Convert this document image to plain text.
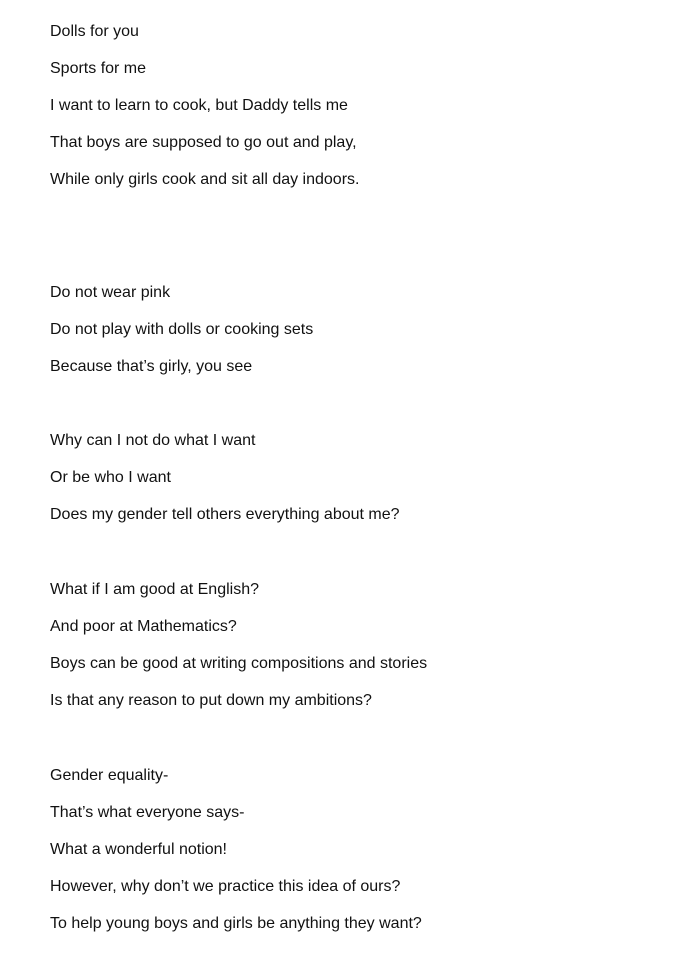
Dolls for you
Sports for me
I want to learn to cook, but Daddy tells me
That boys are supposed to go out and play,
While only girls cook and sit all day indoors.
Do not wear pink
Do not play with dolls or cooking sets
Because that’s girly, you see
Why can I not do what I want
Or be who I want
Does my gender tell others everything about me?
What if I am good at English?
And poor at Mathematics?
Boys can be good at writing compositions and stories
Is that any reason to put down my ambitions?
Gender equality-
That’s what everyone says-
What a wonderful notion!
However, why don’t we practice this idea of ours?
To help young boys and girls be anything they want?
